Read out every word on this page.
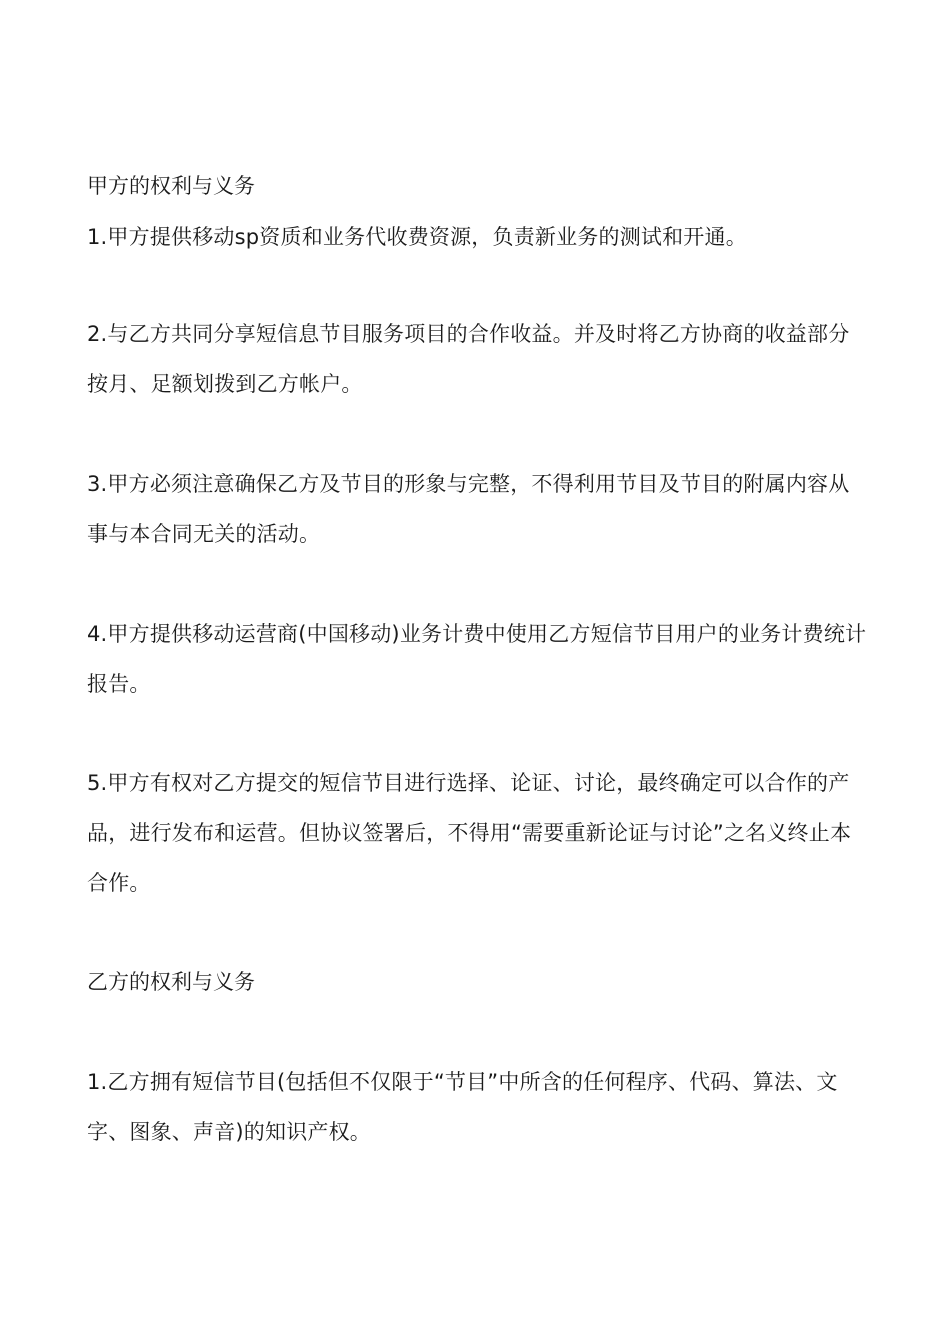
甲方的权利与义务

1.甲方提供移动sp资质和业务代收费资源，负责新业务的测试和开通。

2.与乙方共同分享短信息节目服务项目的合作收益。并及时将乙方协商的收益部分按月、足额划拨到乙方帐户。

3.甲方必须注意确保乙方及节目的形象与完整，不得利用节目及节目的附属内容从事与本合同无关的活动。

4.甲方提供移动运营商(中国移动)业务计费中使用乙方短信节目用户的业务计费统计报告。

5.甲方有权对乙方提交的短信节目进行选择、论证、讨论，最终确定可以合作的产品，进行发布和运营。但协议签署后，不得用“需要重新论证与讨论”之名义终止本合作。

乙方的权利与义务

1.乙方拥有短信节目(包括但不仅限于“节目”中所含的任何程序、代码、算法、文字、图象、声音)的知识产权。
